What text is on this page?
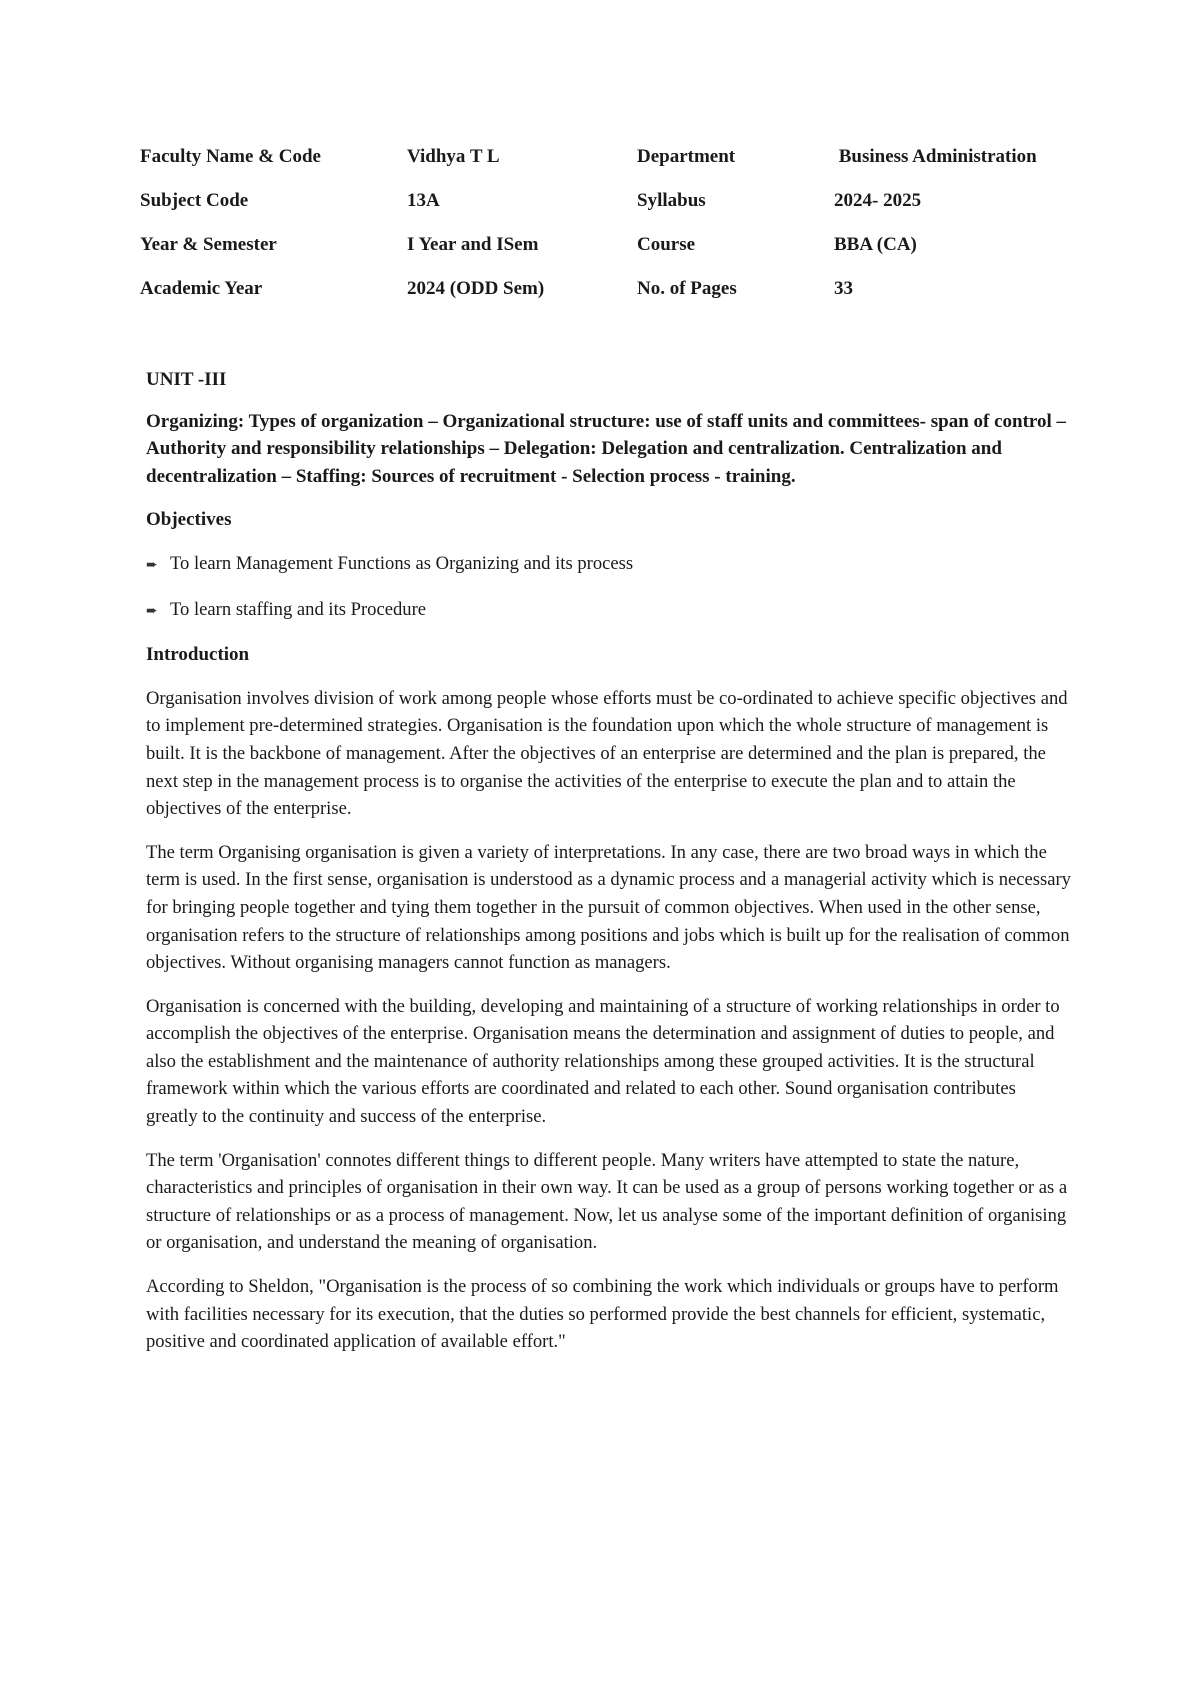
Faculty Name & Code	Vidhya T L	Department	Business Administration
Subject Code	13A	Syllabus	2024- 2025
Year & Semester	I Year and ISem	Course	BBA (CA)
Academic Year	2024 (ODD Sem)	No. of Pages	33
UNIT -III
Organizing: Types of organization – Organizational structure: use of staff units and committees- span of control –Authority and responsibility relationships – Delegation: Delegation and centralization. Centralization and decentralization – Staffing: Sources of recruitment - Selection process - training.
Objectives
➨ To learn Management Functions as Organizing and its process
➨ To learn staffing and its Procedure
Introduction

Organisation involves division of work among people whose efforts must be co-ordinated to achieve specific objectives and to implement pre-determined strategies. Organisation is the foundation upon which the whole structure of management is built. It is the backbone of management. After the objectives of an enterprise are determined and the plan is prepared, the next step in the management process is to organise the activities of the enterprise to execute the plan and to attain the objectives of the enterprise.

The term Organising organisation is given a variety of interpretations. In any case, there are two broad ways in which the term is used. In the first sense, organisation is understood as a dynamic process and a managerial activity which is necessary for bringing people together and tying them together in the pursuit of common objectives. When used in the other sense, organisation refers to the structure of relationships among positions and jobs which is built up for the realisation of common objectives. Without organising managers cannot function as managers.

Organisation is concerned with the building, developing and maintaining of a structure of working relationships in order to accomplish the objectives of the enterprise. Organisation means the determination and assignment of duties to people, and also the establishment and the maintenance of authority relationships among these grouped activities. It is the structural framework within which the various efforts are coordinated and related to each other. Sound organisation contributes greatly to the continuity and success of the enterprise.

The term 'Organisation' connotes different things to different people. Many writers have attempted to state the nature, characteristics and principles of organisation in their own way. It can be used as a group of persons working together or as a structure of relationships or as a process of management. Now, let us analyse some of the important definition of organising or organisation, and understand the meaning of organisation.

According to Sheldon, "Organisation is the process of so combining the work which individuals or groups have to perform with facilities necessary for its execution, that the duties so performed provide the best channels for efficient, systematic, positive and coordinated application of available effort."
